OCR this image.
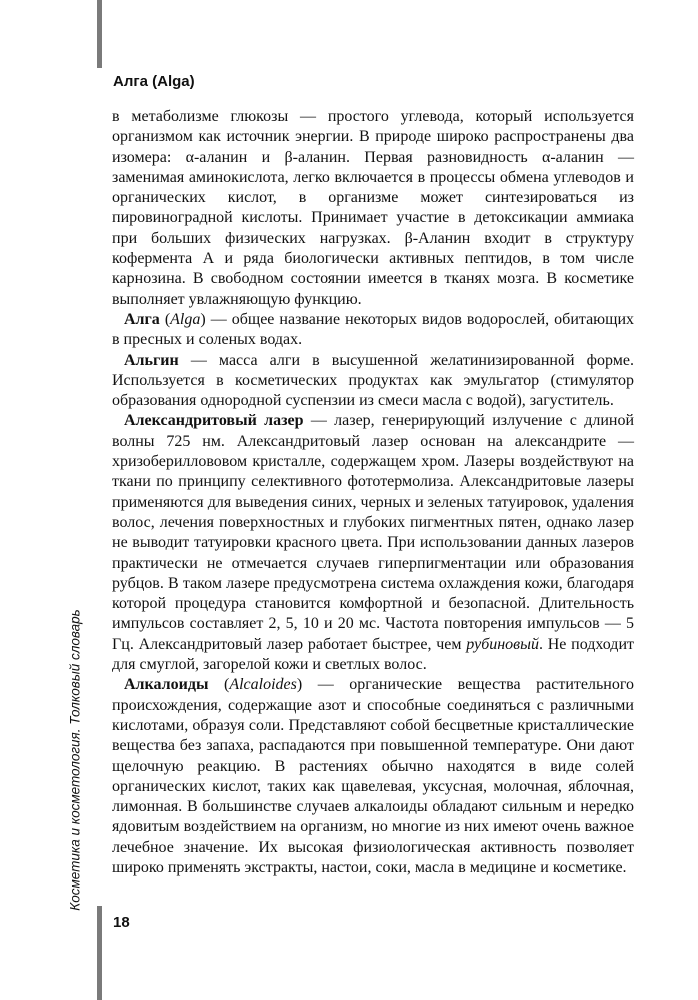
Алга (Alga)
Косметика и косметология. Толковый словарь

в метаболизме глюкозы — простого углевода, который используется организмом как источник энергии. В природе широко распространены два изомера: α-аланин и β-аланин. Первая разновидность α-аланин — заменимая аминокислота, легко включается в процессы обмена углеводов и органических кислот, в организме может синтезироваться из пировиноградной кислоты. Принимает участие в детоксикации аммиака при больших физических нагрузках. β-Аланин входит в структуру кофермента А и ряда биологически активных пептидов, в том числе карнозина. В свободном состоянии имеется в тканях мозга. В косметике выполняет увлажняющую функцию.

Алга (Alga) — общее название некоторых видов водорослей, обитающих в пресных и соленых водах.

Альгин — масса алги в высушенной желатинизированной форме. Используется в косметических продуктах как эмульгатор (стимулятор образования однородной суспензии из смеси масла с водой), загуститель.

Александритовый лазер — лазер, генерирующий излучение с длиной волны 725 нм. Александритовый лазер основан на александрите — хризобериллововом кристалле, содержащем хром. Лазеры воздействуют на ткани по принципу селективного фототермолиза. Александритовые лазеры применяются для выведения синих, черных и зеленых татуировок, удаления волос, лечения поверхностных и глубоких пигментных пятен, однако лазер не выводит татуировки красного цвета. При использовании данных лазеров практически не отмечается случаев гиперпигментации или образования рубцов. В таком лазере предусмотрена система охлаждения кожи, благодаря которой процедура становится комфортной и безопасной. Длительность импульсов составляет 2, 5, 10 и 20 мс. Частота повторения импульсов — 5 Гц. Александритовый лазер работает быстрее, чем рубиновый. Не подходит для смуглой, загорелой кожи и светлых волос.

Алкалоиды (Alcaloides) — органические вещества растительного происхождения, содержащие азот и способные соединяться с различными кислотами, образуя соли. Представляют собой бесцветные кристаллические вещества без запаха, распадаются при повышенной температуре. Они дают щелочную реакцию. В растениях обычно находятся в виде солей органических кислот, таких как щавелевая, уксусная, молочная, яблочная, лимонная. В большинстве случаев алкалоиды обладают сильным и нередко ядовитым воздействием на организм, но многие из них имеют очень важное лечебное значение. Их высокая физиологическая активность позволяет широко применять экстракты, настои, соки, масла в медицине и косметике.

18
